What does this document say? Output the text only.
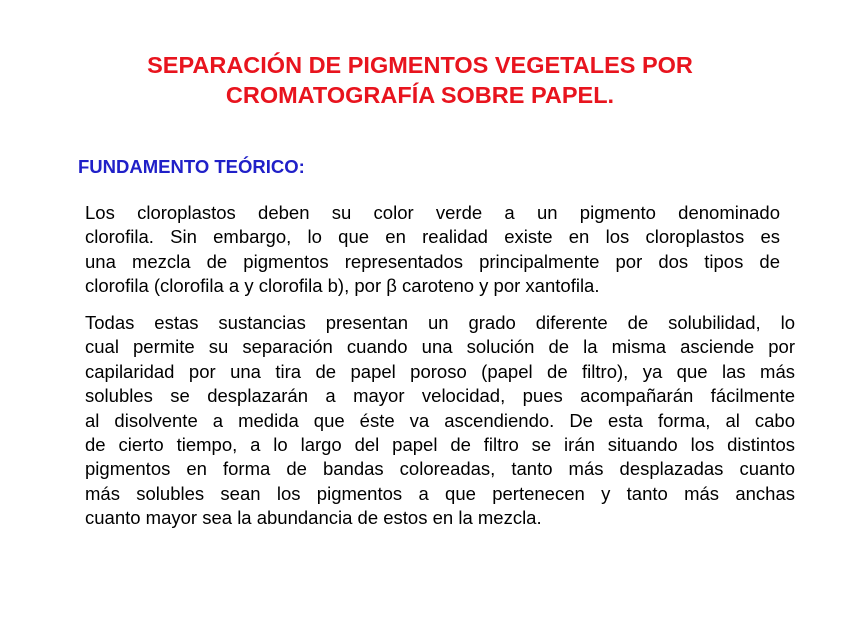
SEPARACIÓN DE PIGMENTOS VEGETALES POR
CROMATOGRAFÍA SOBRE PAPEL.
FUNDAMENTO TEÓRICO:
Los cloroplastos deben su color verde a un pigmento denominado
clorofila. Sin embargo, lo que en realidad existe en los cloroplastos es
una mezcla de pigmentos representados principalmente por dos tipos de
clorofila (clorofila a y clorofila b), por β caroteno y por xantofila.
Todas estas sustancias presentan un grado diferente de solubilidad, lo
cual permite su separación cuando una solución de la misma asciende por
capilaridad por una tira de papel poroso (papel de filtro), ya que las más
solubles se desplazarán a mayor velocidad, pues acompañarán fácilmente
al disolvente a medida que éste va ascendiendo. De esta forma, al cabo
de cierto tiempo, a lo largo del papel de filtro se irán situando los distintos
pigmentos en forma de bandas coloreadas, tanto más desplazadas cuanto
más solubles sean los pigmentos a que pertenecen y tanto más anchas
cuanto mayor sea la abundancia de estos en la mezcla.
